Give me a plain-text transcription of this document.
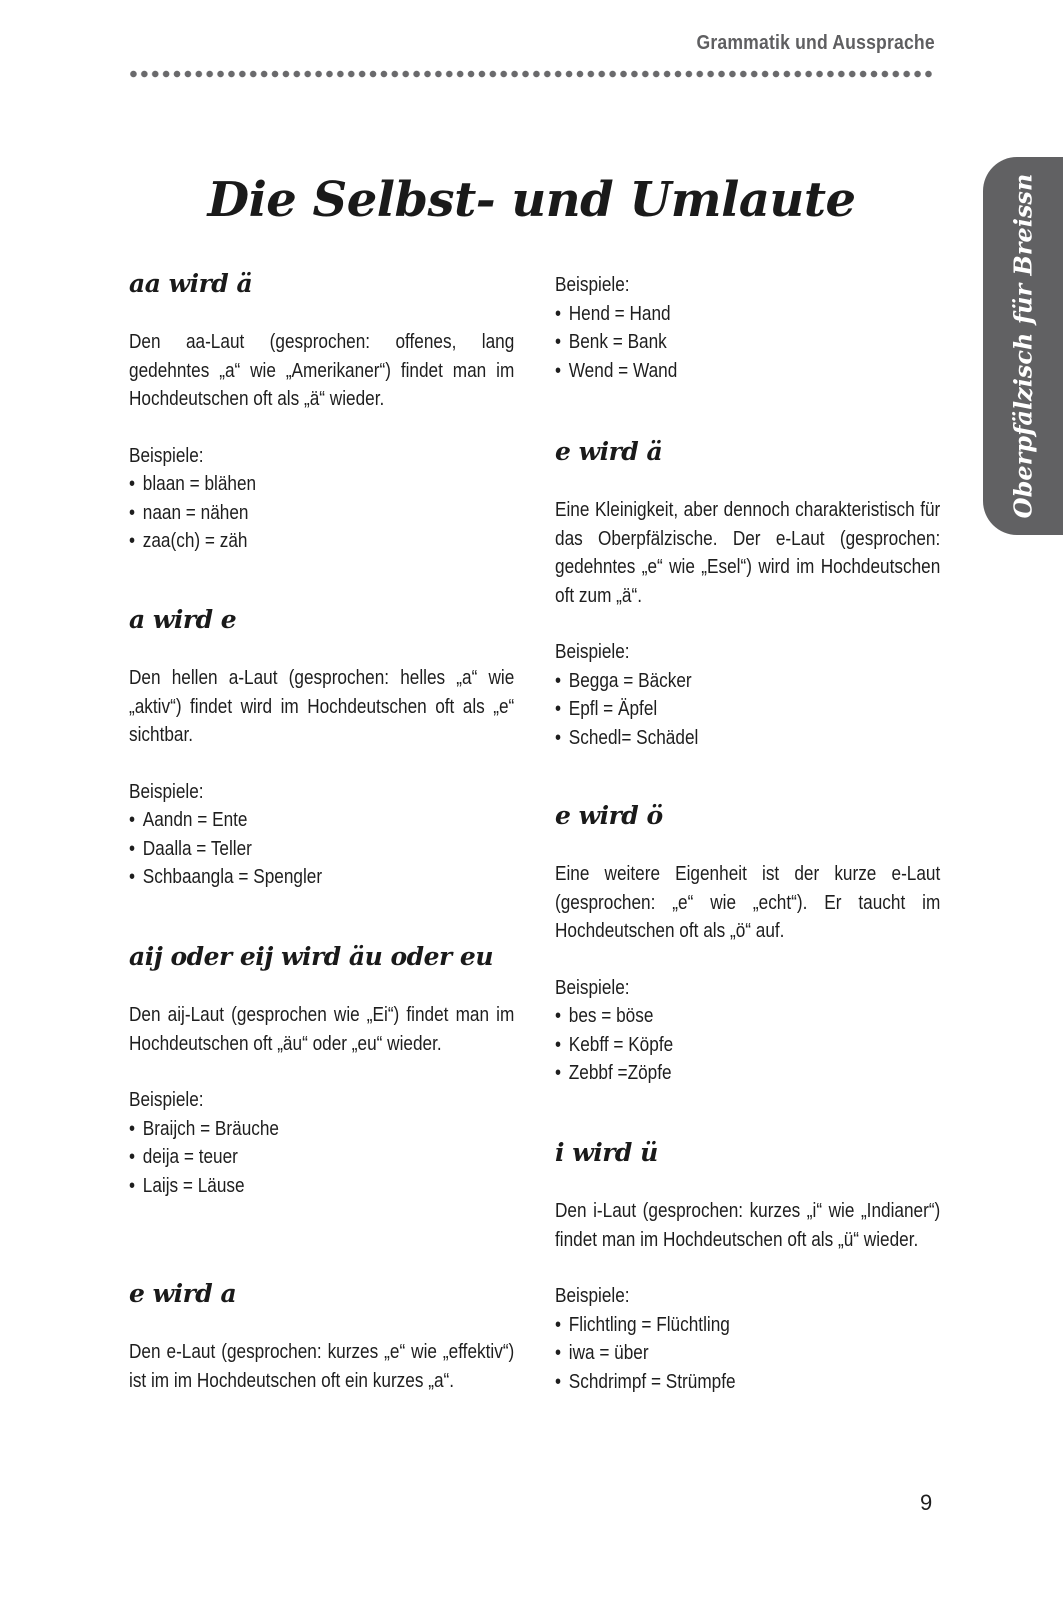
Grammatik und Aussprache
Die Selbst- und Umlaute	Oberpfälzisch für Breissn
aa wird ä

Den aa-Laut (gesprochen: offenes, lang gedehntes „a“ wie „Amerikaner“) findet man im Hochdeutschen oft als „ä“ wieder.

Beispiele:

• blaan = blähen
• naan = nähen
• zaa(ch) = zäh
a wird e

Den hellen a-Laut (gesprochen: helles „a“ wie „aktiv“) findet wird im Hochdeutschen oft als „e“ sichtbar.

Beispiele:

• Aandn = Ente
• Daalla = Teller
• Schbaangla = Spengler
aij oder eij wird äu oder eu

Den aij-Laut (gesprochen wie „Ei“) findet man im Hochdeutschen oft „äu“ oder „eu“ wieder.

Beispiele:

• Braijch = Bräuche
• deija = teuer
• Laijs = Läuse
e wird a

Den e-Laut (gesprochen: kurzes „e“ wie „effektiv“) ist im im Hochdeutschen oft ein kurzes „a“.

Beispiele:

• Hend = Hand
• Benk = Bank
• Wend = Wand
e wird ä

Eine Kleinigkeit, aber dennoch charakteristisch für das Oberpfälzische. Der e-Laut (gesprochen: gedehntes „e“ wie „Esel“) wird im Hochdeutschen oft zum „ä“.

Beispiele:

• Begga = Bäcker
• Epfl = Äpfel
• Schedl= Schädel
e wird ö

Eine weitere Eigenheit ist der kurze e-Laut (gesprochen: „e“ wie „echt“). Er taucht im Hochdeutschen oft als „ö“ auf.

Beispiele:

• bes = böse
• Kebff = Köpfe
• Zebbf =Zöpfe
i wird ü

Den i-Laut (gesprochen: kurzes „i“ wie „Indianer“) findet man im Hochdeutschen oft als „ü“ wieder.

Beispiele:

• Flichtling = Flüchtling
• iwa = über
• Schdrimpf = Strümpfe
9
